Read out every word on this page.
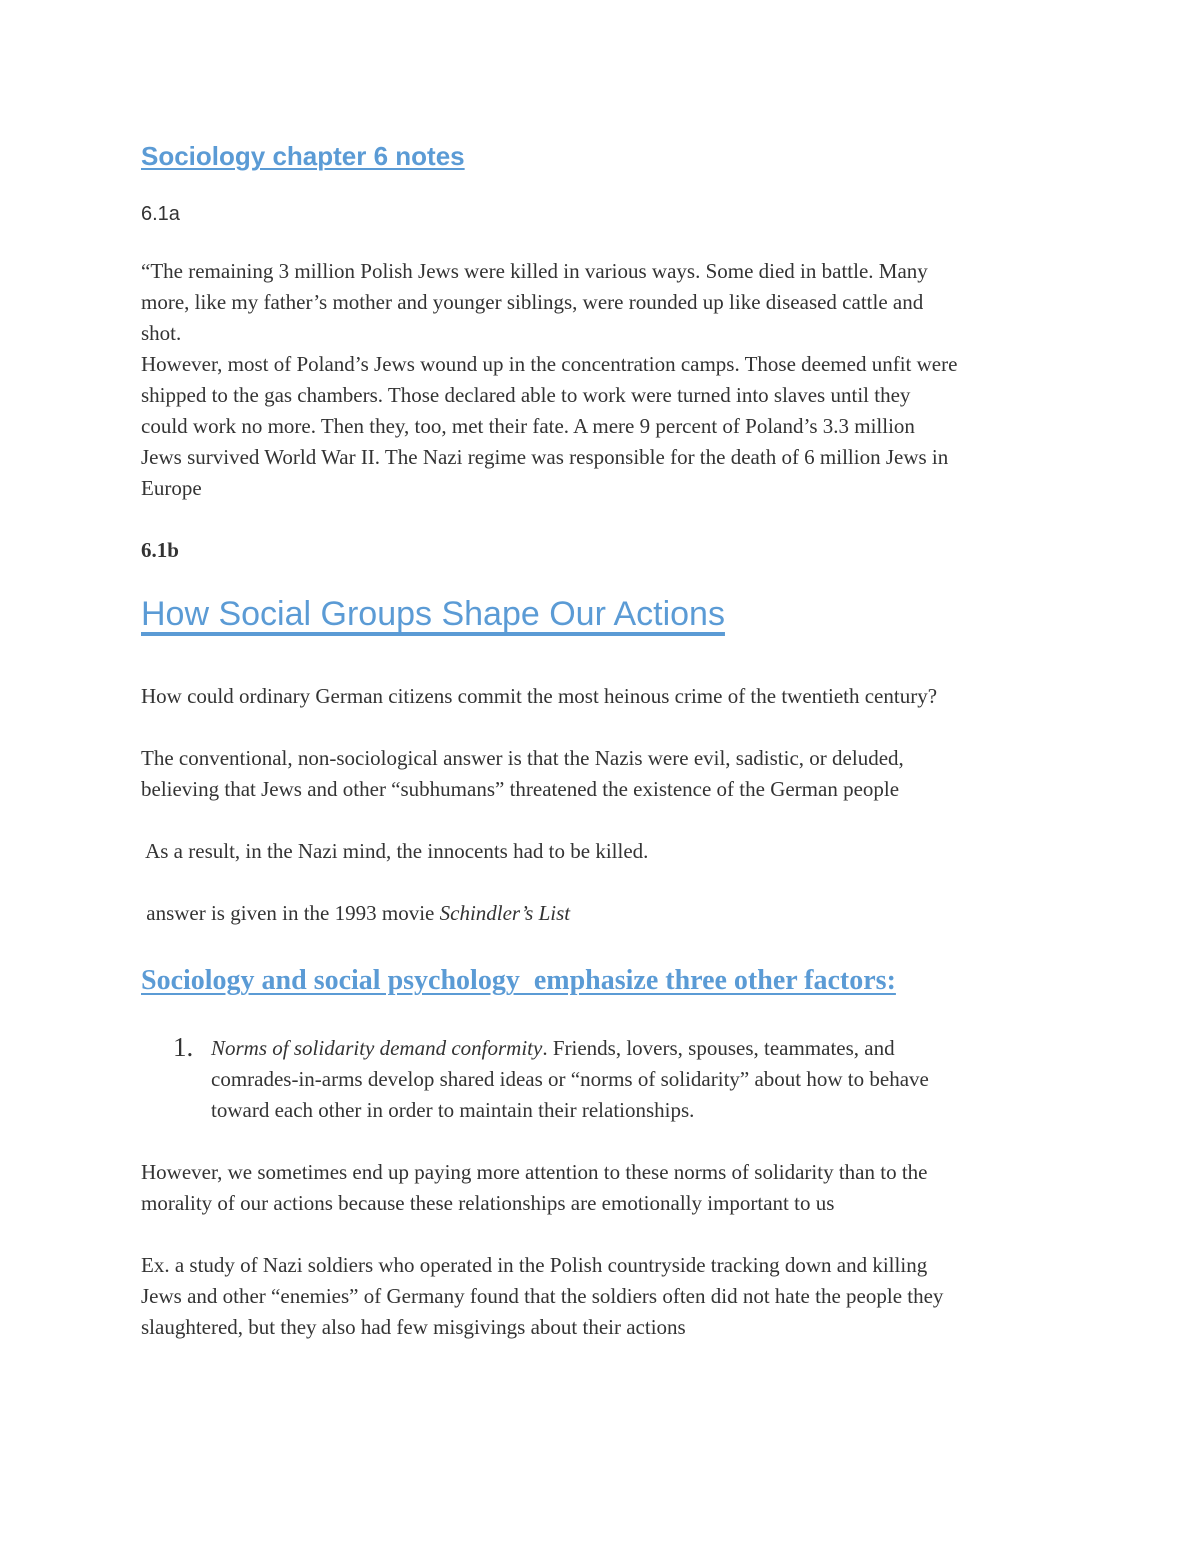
Sociology chapter 6 notes
6.1a

“The remaining 3 million Polish Jews were killed in various ways. Some died in battle. Many
more, like my father’s mother and younger siblings, were rounded up like diseased cattle and
shot.
However, most of Poland’s Jews wound up in the concentration camps. Those deemed unfit were
shipped to the gas chambers. Those declared able to work were turned into slaves until they
could work no more. Then they, too, met their fate. A mere 9 percent of Poland’s 3.3 million
Jews survived World War II. The Nazi regime was responsible for the death of 6 million Jews in
Europe

6.1b
How Social Groups Shape Our Actions

How could ordinary German citizens commit the most heinous crime of the twentieth century?

The conventional, non-sociological answer is that the Nazis were evil, sadistic, or deluded,
believing that Jews and other “subhumans” threatened the existence of the German people

As a result, in the Nazi mind, the innocents had to be killed.

answer is given in the 1993 movie Schindler’s List

Sociology and social psychology  emphasize three other factors:
1. Norms of solidarity demand conformity. Friends, lovers, spouses, teammates, and
comrades-in-arms develop shared ideas or “norms of solidarity” about how to behave
toward each other in order to maintain their relationships.

However, we sometimes end up paying more attention to these norms of solidarity than to the
morality of our actions because these relationships are emotionally important to us

Ex. a study of Nazi soldiers who operated in the Polish countryside tracking down and killing
Jews and other “enemies” of Germany found that the soldiers often did not hate the people they
slaughtered, but they also had few misgivings about their actions
